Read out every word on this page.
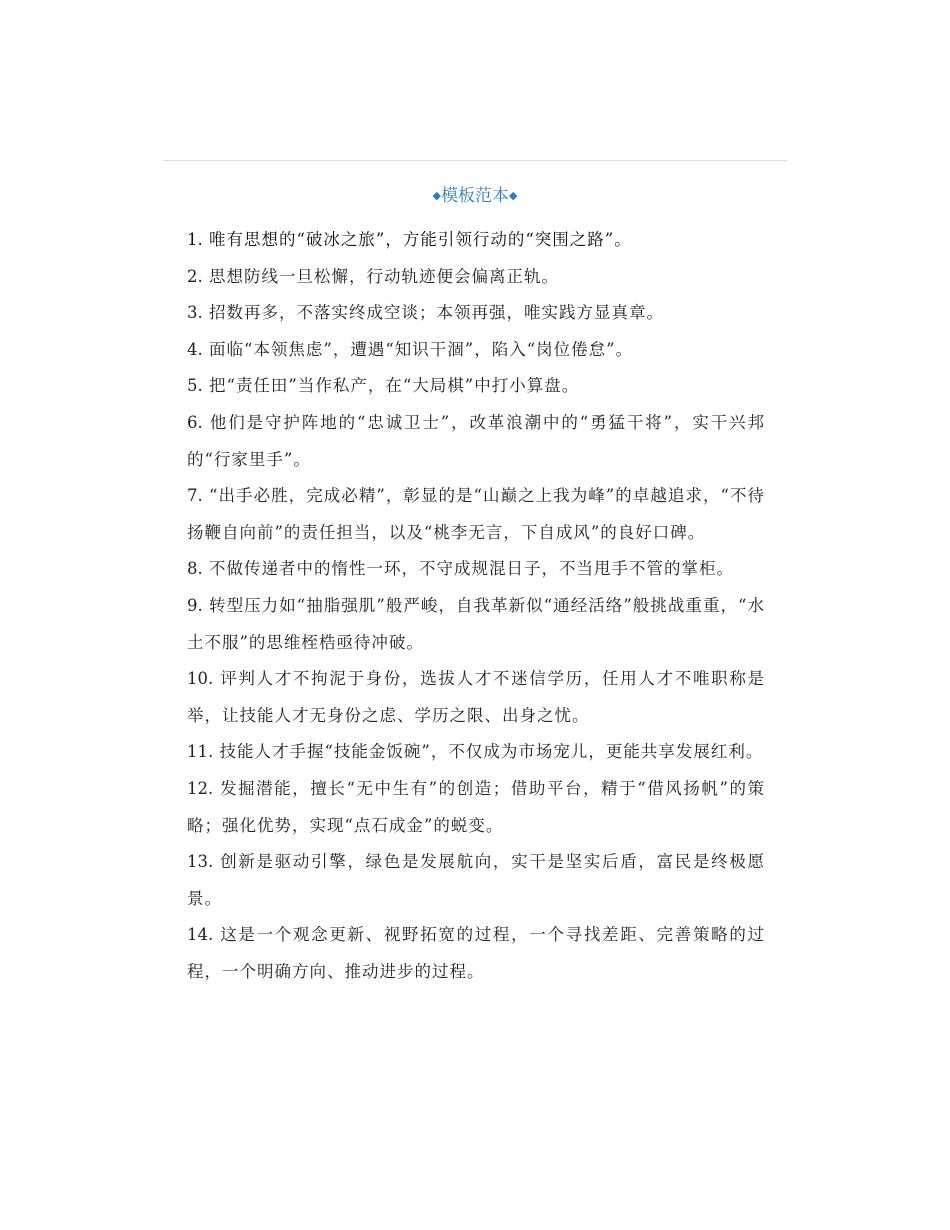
◆模板范本◆
1. 唯有思想的“破冰之旅”，方能引领行动的“突围之路”。
2. 思想防线一旦松懈，行动轨迹便会偏离正轨。
3. 招数再多，不落实终成空谈；本领再强，唯实践方显真章。
4. 面临“本领焦虑”，遭遇“知识干涸”，陷入“岗位倦怠”。
5. 把“责任田”当作私产，在“大局棋”中打小算盘。
6. 他们是守护阵地的“忠诚卫士”，改革浪潮中的“勇猛干将”，实干兴邦的“行家里手”。
7. “出手必胜，完成必精”，彰显的是“山巅之上我为峰”的卓越追求，“不待扬鞭自向前”的责任担当，以及“桃李无言，下自成风”的良好口碑。
8. 不做传递者中的惰性一环，不守成规混日子，不当甩手不管的掌柜。
9. 转型压力如“抽脂强肌”般严峻，自我革新似“通经活络”般挑战重重，“水土不服”的思维桎梏亟待冲破。
10. 评判人才不拘泥于身份，选拔人才不迷信学历，任用人才不唯职称是举，让技能人才无身份之虑、学历之限、出身之忧。
11. 技能人才手握“技能金饭碗”，不仅成为市场宠儿，更能共享发展红利。
12. 发掘潜能，擅长“无中生有”的创造；借助平台，精于“借风扬帆”的策略；强化优势，实现“点石成金”的蜕变。
13. 创新是驱动引擎，绿色是发展航向，实干是坚实后盾，富民是终极愿景。
14. 这是一个观念更新、视野拓宽的过程，一个寻找差距、完善策略的过程，一个明确方向、推动进步的过程。
